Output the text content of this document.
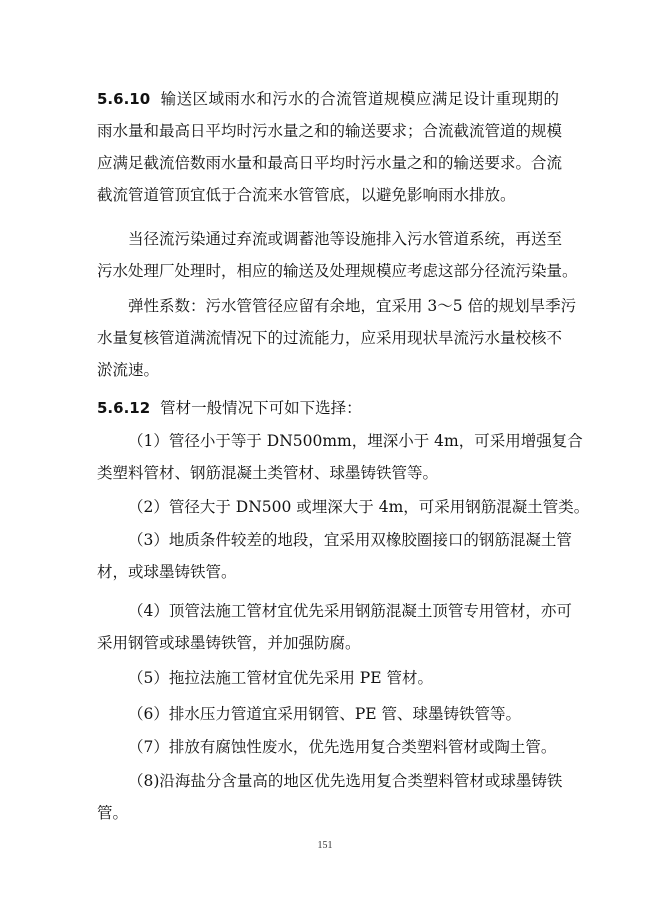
5.6.10 输送区域雨水和污水的合流管道规模应满足设计重现期的
雨水量和最高日平均时污水量之和的输送要求；合流截流管道的规模
应满足截流倍数雨水量和最高日平均时污水量之和的输送要求。合流
截流管道管顶宜低于合流来水管管底，以避免影响雨水排放。
当径流污染通过弃流或调蓄池等设施排入污水管道系统，再送至
污水处理厂处理时，相应的输送及处理规模应考虑这部分径流污染量。
弹性系数：污水管管径应留有余地，宜采用 3～5 倍的规划旱季污
水量复核管道满流情况下的过流能力，应采用现状旱流污水量校核不
淤流速。
5.6.12 管材一般情况下可如下选择：
（1）管径小于等于 DN500mm，埋深小于 4m，可采用增强复合
类塑料管材、钢筋混凝土类管材、球墨铸铁管等。
（2）管径大于 DN500 或埋深大于 4m，可采用钢筋混凝土管类。
（3）地质条件较差的地段，宜采用双橡胶圈接口的钢筋混凝土管
材，或球墨铸铁管。
（4）顶管法施工管材宜优先采用钢筋混凝土顶管专用管材，亦可
采用钢管或球墨铸铁管，并加强防腐。
（5）拖拉法施工管材宜优先采用 PE 管材。
（6）排水压力管道宜采用钢管、PE 管、球墨铸铁管等。
（7）排放有腐蚀性废水，优先选用复合类塑料管材或陶土管。
（8)沿海盐分含量高的地区优先选用复合类塑料管材或球墨铸铁
管。
151
